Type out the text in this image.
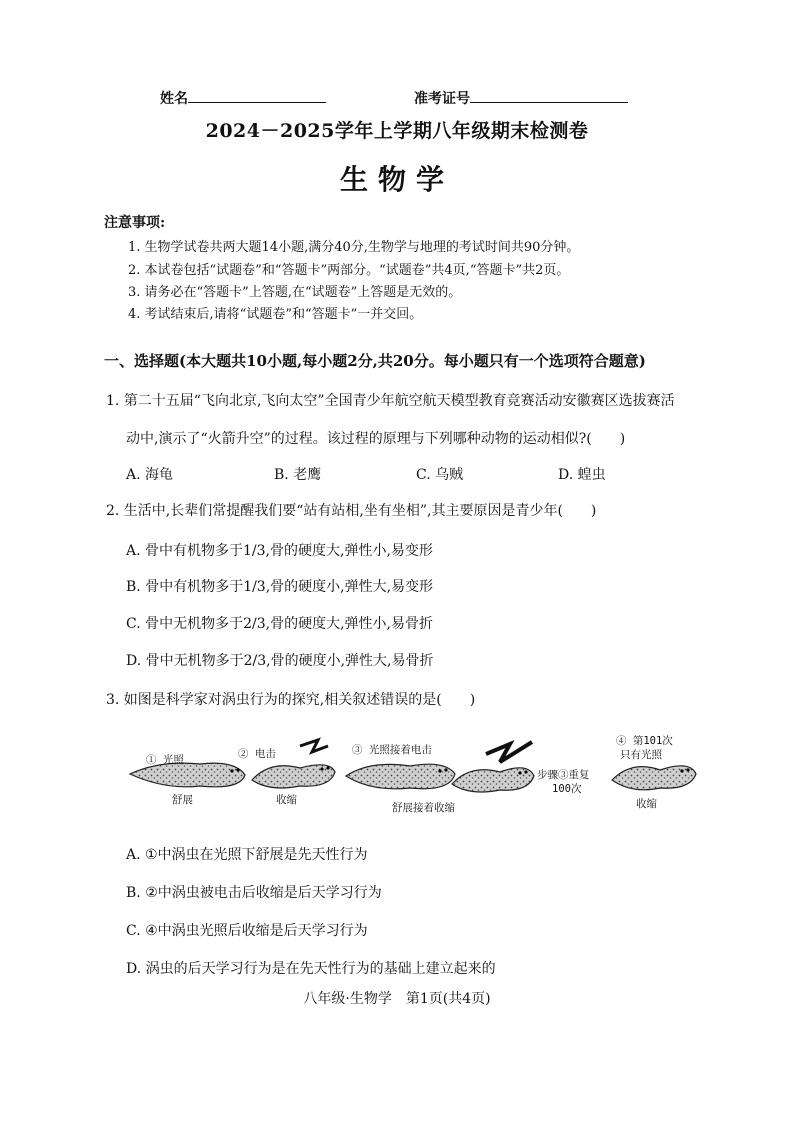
姓名	准考证号
2024－2025学年上学期八年级期末检测卷
生物学
注意事项:
1. 生物学试卷共两大题14小题,满分40分,生物学与地理的考试时间共90分钟。
2. 本试卷包括“试题卷”和“答题卡”两部分。“试题卷”共4页,“答题卡”共2页。
3. 请务必在“答题卡”上答题,在“试题卷”上答题是无效的。
4. 考试结束后,请将“试题卷”和“答题卡”一并交回。
一、选择题(本大题共10小题,每小题2分,共20分。每小题只有一个选项符合题意)
1. 第二十五届“飞向北京,飞向太空”全国青少年航空航天模型教育竞赛活动安徽赛区选拔赛活
动中,演示了“火箭升空”的过程。该过程的原理与下列哪种动物的运动相似?(　　)
A. 海龟	B. 老鹰	C. 乌贼	D. 蝗虫
2. 生活中,长辈们常提醒我们要“站有站相,坐有坐相”,其主要原因是青少年(　　)
A. 骨中有机物多于1/3,骨的硬度大,弹性小,易变形
B. 骨中有机物多于1/3,骨的硬度小,弹性大,易变形
C. 骨中无机物多于2/3,骨的硬度大,弹性小,易骨折
D. 骨中无机物多于2/3,骨的硬度小,弹性大,易骨折
3. 如图是科学家对涡虫行为的探究,相关叙述错误的是(　　)
① 光照	② 电击	③ 光照接着电击
④ 第101次
只有光照
步骤③重复
100次
舒展	收缩
舒展接着收缩	收缩
A. ①中涡虫在光照下舒展是先天性行为
B. ②中涡虫被电击后收缩是后天学习行为
C. ④中涡虫光照后收缩是后天学习行为
D. 涡虫的后天学习行为是在先天性行为的基础上建立起来的
八年级·生物学　第1页(共4页)
